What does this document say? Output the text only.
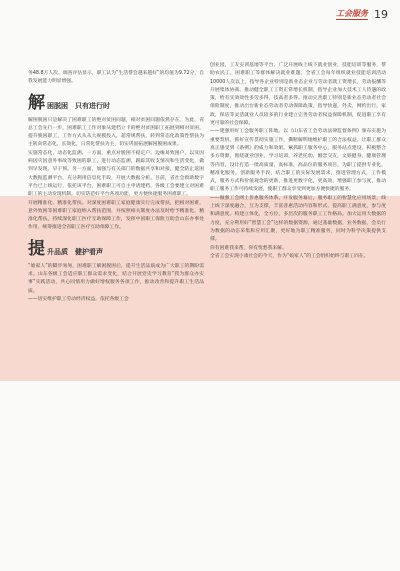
工会服务 19

务48.8万人次。调查评估显示，职工认为“生活帮会越来越好”的均值为9.72分，自我发展能力明显增强。

解 困脱困　只有进行时

解困脱困只是解决了困难职工的绝对贫困问题，相对贫困问题依然存在。为此，省总工会先行一步，困难职工工作对象从建档立卡的绝对贫困职工拓展到相对贫困，提升脱困职工，工作方式从从大规模投入，超常规帮扶，转到常态化政策性帮扶为主转向常态化，长效化，日常化帮扶为主，切实巩固拓展解困脱困成果。

实施常态化，动态化监测。一方面，重点对脱困不稳定户、边缘易致困户，以及因病因灾因意外事故等致困的职工，进行动态监测，跟踪其收支情况和生活变化，做到早发现、早干预。另一方面，加强与有关部门的数据共享和对接，健全防止返困大数据监测平台，充分利用信息化手段，开展大数据分析。目前，省社会救助数字平台已上线运行，依托该平台，困难职工可自主申请建档，各级工会要建立对困难职工的主动发现机制，切实防范好平台各项功能，更方便快捷服务困难职工。

开展精准化，精准化帮扶。对深度困难职工家庭健康实行完成帮扶，把相对困难，意外致困等困难职工家庭纳入帮扶范围，并按照相关制度办法及时给予精准化，精准化帮扶。持续深化职工医疗互助保障工作，发挥中国职工保险互助会山东办事处作用，统筹推进全省职工医疗互助保障工作。

提 升品质　健护看声

“娘家人”的脚步匆匆，困难职工解困脱困后，提升生活品质成为广大职工的期盼需求。山东各级工会适应职工群众需求变化，结合开展党史学习教育“我为群众办实事”实践活动，共心同情用力做好增权服务各项工作，推动改善和提升职工生活品质。

——切实维护职工劳动经济权益。依托各级工会

创业园，工友实训基地等平台，广泛开展线上线下就业创业，技能培训等服务，帮助农民工，困难职工等群体解决就业难题。全省工会每年组织就业技能培训活动10000人次以上，指导各企业特别是新业态企业与劳动者就工资增长，劳动报酬等开展集体协商。推动健全职工工资正常增长机制，指导企业加大技术工人待遇的政策，给有实效效性多劳多得，技高者多得。推动完善职工特别是新业态劳动者社会保险制度，推动出台新业态劳动者劳动保障政策，指导快递，外卖，网约出行，家政，保洁等灵活就业人员较多的行业建立完善劳动者权益保障机制，促进职工享有更可靠的社会保障。

——建强用好工会服务职工阵地。以《山东省工会劳动法律监督条例》颁布实施为重要契机，抓好宣传贯彻实施工作，撕断解明地维护职工的合法权益，让职工群众真正感受到《条例》的威力和效果。紧抓职工服务中心，服务站点建设，积极整合多方资源，围绕就业创业，学习培训，养老托幼，婚恋交友，文娱健身，健康管理等内容，设计打造一批高质量，高标准，高品位的服务项目，为职工提供专业化，精准化服务。创新服务手段，结合职工的实际发展需求，推进管理方式，工作模式，服务方式和价值观念的更新，推进更数字化，更高效，增强职工参与度，推动职工服务工作可持续发展，使职工群众享受到更加方便快捷的服务。

——做强工会网上普惠服务体系。开发服务幕后，服务职工的智慧化应用场景，线上线下深度融合，互为支撑，丰富普惠活动内容和形式，提高职工满意度，参与度和满意度。构建立体化，全方位，多层次的服务职工工作格局。加大运用大数据的力度，充分利用好“智慧工会”这样的数据资源，通过基础数据，业务数据，会员行为数据的动态采集和应用汇聚，更好地为职工精准服务，同时为科学决策提供支撑。

你有困难我来帮，你有忧愁我来解。

全省工会实现小康社会的今天，作为“娘家人”的工会组织始终与职工同在。
